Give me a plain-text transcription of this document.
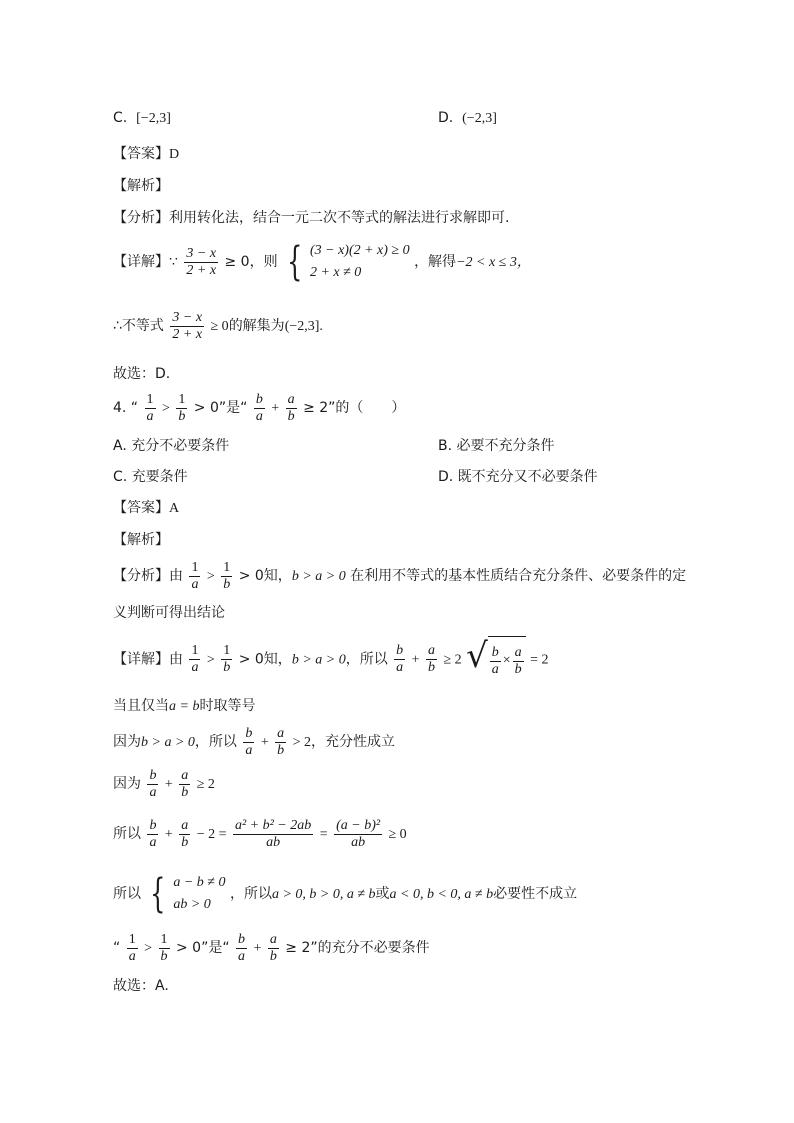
C. [−2,3]	D. (−2,3]
【答案】D
【解析】
【分析】利用转化法，结合一元二次不等式的解法进行求解即可.
【详解】∵ $\frac{3 - x}{2 + x} \ge 0$，则 { (3 − x)(2 + x) ≥ 0
2 + x ≠ 0
，解得−2 < x ≤ 3，
∴不等式 $\frac{3 - x}{2 + x} \ge 0$的解集为(−2,3].
故选：D.
4. “ $\frac{1}{a} > \frac{1}{b} > 0$”是“ $\frac{b}{a} + \frac{a}{b} \ge 2$”的（　　）
A. 充分不必要条件	B. 必要不充分条件
C. 充要条件	D. 既不充分又不必要条件
【答案】A
【解析】
【分析】由 $\frac{1}{a} > \frac{1}{b} > 0$知，b > a > 0 在利用不等式的基本性质结合充分条件、必要条件的定
义判断可得出结论
【详解】由 $\frac{1}{a} > \frac{1}{b} > 0$知，b > a > 0，所以 $\frac{b}{a} + \frac{a}{b} \ge 2$ √ $\frac{b}{a} \times \frac{a}{b} = 2$
当且仅当a = b时取等号
因为b > a > 0，所以 $\frac{b}{a} + \frac{a}{b} > 2$，充分性成立
因为 $\frac{b}{a} + \frac{a}{b} \ge 2$
所以 $\frac{b}{a} + \frac{a}{b} - 2 = \frac{\text{a² + b² − 2ab}}{ab} = \frac{\text{(a − b)²}}{ab} \ge 0$
所以 { a − b ≠ 0
ab > 0
，所以a > 0, b > 0, a ≠ b或a < 0, b < 0, a ≠ b必要性不成立
“ $\frac{1}{a} > \frac{1}{b} > 0$”是“ $\frac{b}{a} + \frac{a}{b} \ge 2$”的充分不必要条件
故选：A.
